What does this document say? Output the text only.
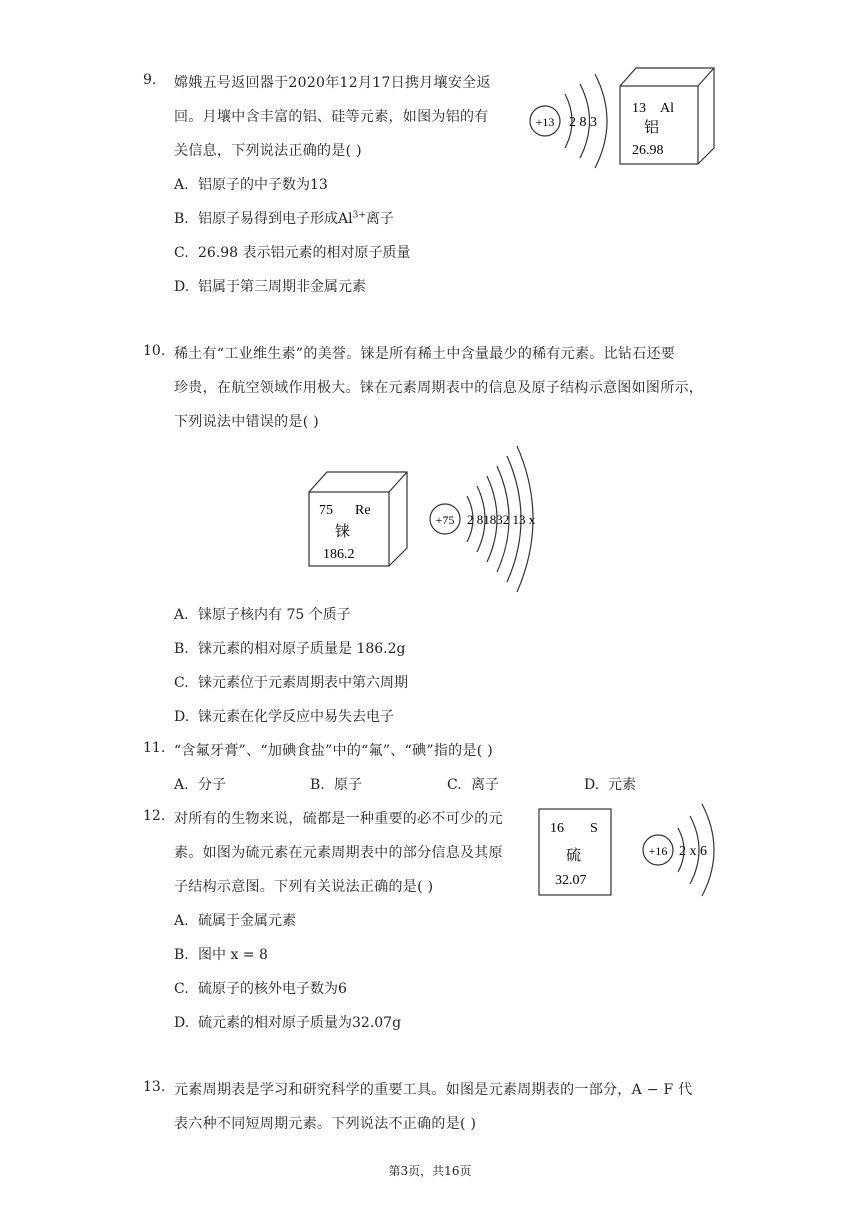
9. 嫦娥五号返回器于2020年12月17日携月壤安全返
回。月壤中含丰富的铝、硅等元素，如图为铝的有
关信息，下列说法正确的是( )
A. 铝原子的中子数为13
B. 铝原子易得到电子形成$Al^{3+}$离子
C. 26.98 表示铝元素的相对原子质量
D. 铝属于第三周期非金属元素
+13 2 8 3
13 Al
铝
26.98
10. 稀土有“工业维生素”的美誉。铼是所有稀土中含量最少的稀有元素。比钻石还要
珍贵，在航空领域作用极大。铼在元素周期表中的信息及原子结构示意图如图所示，
下列说法中错误的是( )
75 Re
铼
186.2
+75 2 81832 13 x
A. 铼原子核内有 75 个质子
B. 铼元素的相对原子质量是 186.2g
C. 铼元素位于元素周期表中第六周期
D. 铼元素在化学反应中易失去电子
11. “含氟牙膏”、“加碘食盐”中的“氟”、“碘”指的是( )
A. 分子	B. 原子	C. 离子	D. 元素
12. 对所有的生物来说，硫都是一种重要的必不可少的元
素。如图为硫元素在元素周期表中的部分信息及其原
子结构示意图。下列有关说法正确的是( )
16 S
硫
32.07
+16 2 x 6
A. 硫属于金属元素
B. 图中 x = 8
C. 硫原子的核外电子数为6
D. 硫元素的相对原子质量为32.07g
13. 元素周期表是学习和研究科学的重要工具。如图是元素周期表的一部分，A − F 代
表六种不同短周期元素。下列说法不正确的是( )
第3页，共16页
